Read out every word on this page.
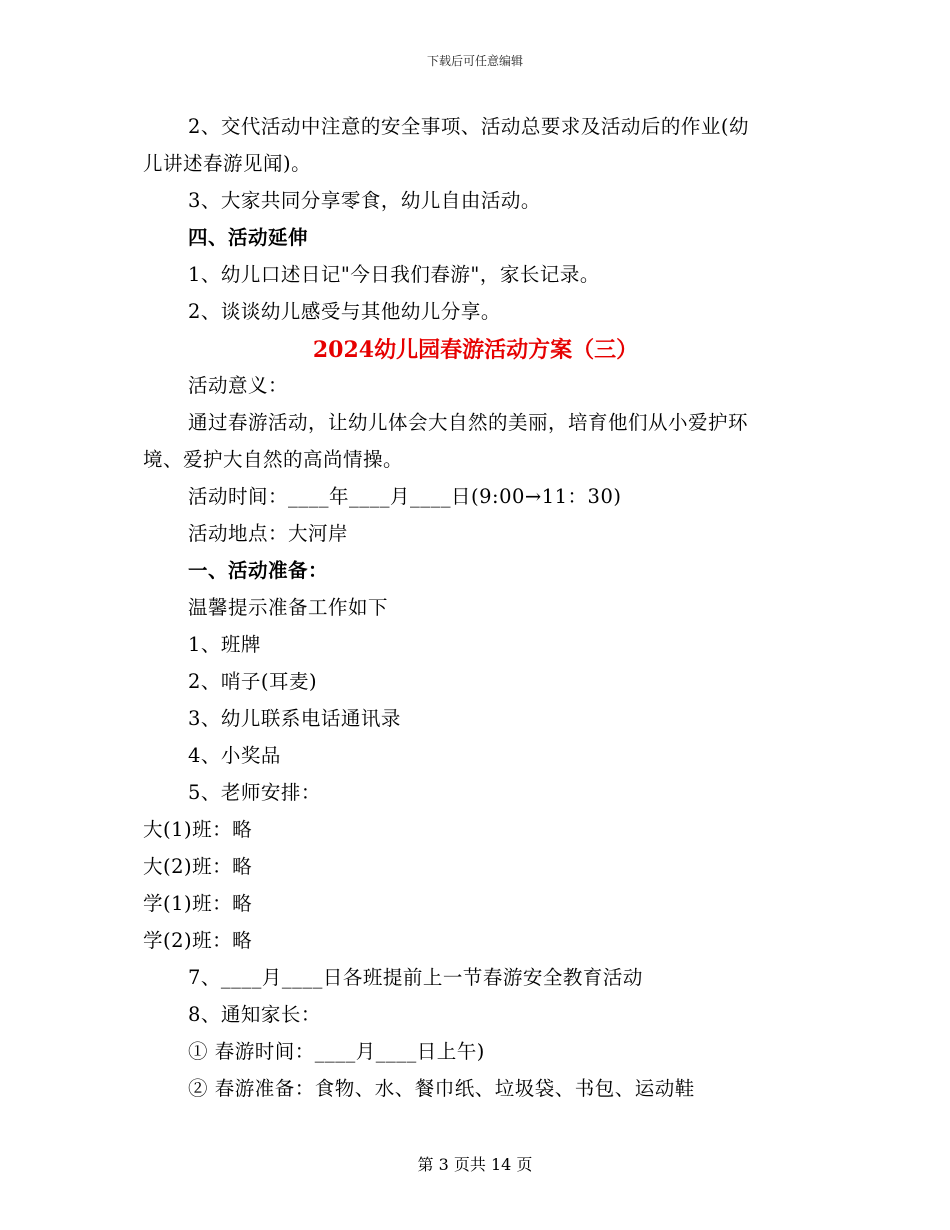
下载后可任意编辑
2、交代活动中注意的安全事项、活动总要求及活动后的作业(幼
儿讲述春游见闻)。
3、大家共同分享零食，幼儿自由活动。
四、活动延伸
1、幼儿口述日记"今日我们春游"，家长记录。
2、谈谈幼儿感受与其他幼儿分享。
2024幼儿园春游活动方案（三）
活动意义：
通过春游活动，让幼儿体会大自然的美丽，培育他们从小爱护环
境、爱护大自然的高尚情操。
活动时间：____年____月____日(9:00→11：30)
活动地点：大河岸
一、活动准备：
温馨提示准备工作如下
1、班牌
2、哨子(耳麦)
3、幼儿联系电话通讯录
4、小奖品
5、老师安排：
大(1)班：略
大(2)班：略
学(1)班：略
学(2)班：略
7、____月____日各班提前上一节春游安全教育活动
8、通知家长：
① 春游时间：____月____日上午)
② 春游准备：食物、水、餐巾纸、垃圾袋、书包、运动鞋
第 3 页共 14 页
